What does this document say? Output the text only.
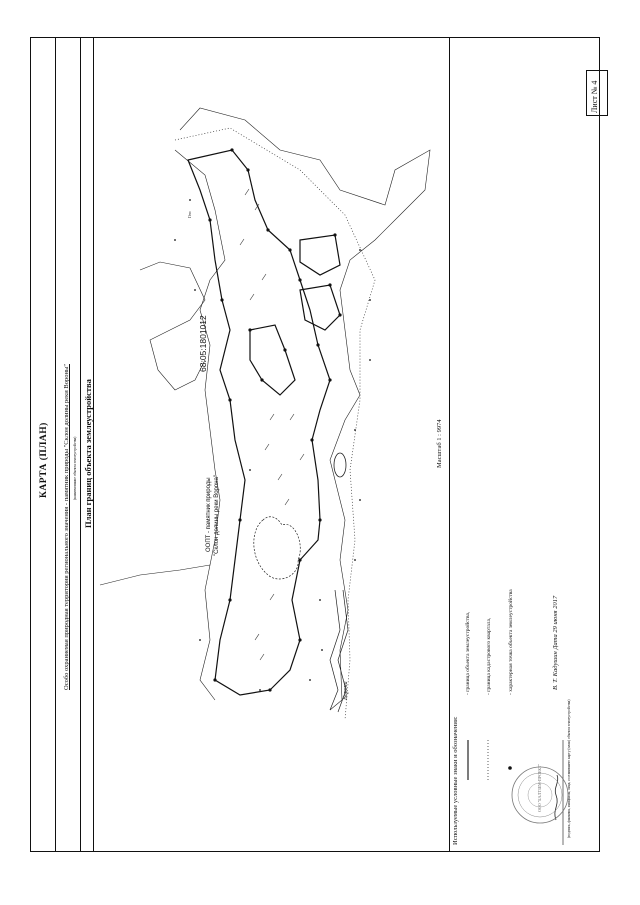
Лист № 4
КАРТА (ПЛАН) Особо охраняемая природная территория регионального значения - памятник природы "Склон долины реки Вороны" (наименование объекта землеустройства) План границ объекта землеустройства
68:05:1801012
ООПТ - памятник природы "Склон долины реки Ворона"
Ворона
Гео
Масштаб 1 : 9974
Используемые условные знаки и обозначения:
- граница объекта землеустройства,	- граница кадастрового квартала,	- характерная точка объекта землеустройства	В. Т. Кадушин Дата 29 июня 2017
(подпись, фамилия, инициалы, лица, составившего карту (план) объекта землеустройства)
ООО "БАЛТЗЕМ-ПРОЕКТ"
